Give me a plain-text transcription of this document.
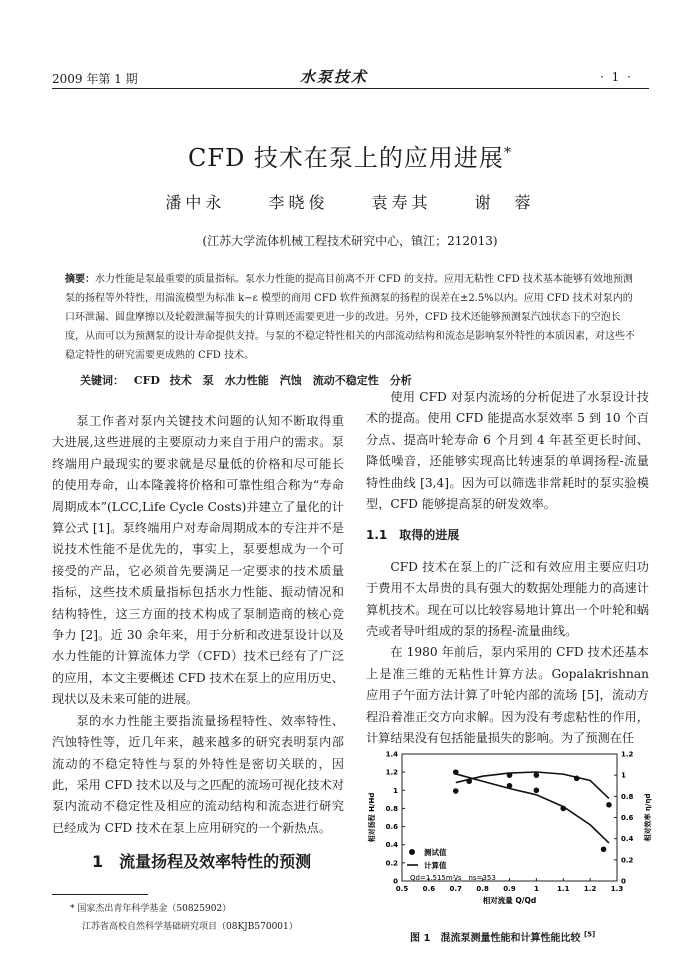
2009 年第 1 期	水泵技术	· 1 ·
CFD 技术在泵上的应用进展*
潘中永	李晓俊	袁寿其	谢　蓉
(江苏大学流体机械工程技术研究中心，镇江；212013)
摘要：水力性能是泵最重要的质量指标。泵水力性能的提高目前离不开 CFD 的支持。应用无粘性 CFD 技术基本能够有效地预测泵的扬程等外特性，用湍流模型为标准 k−ε 模型的商用 CFD 软件预测泵的扬程的误差在±2.5%以内。应用 CFD 技术对泵内的口环泄漏、圆盘摩擦以及轮毂泄漏等损失的计算则还需要更进一步的改进。另外，CFD 技术还能够预测泵汽蚀状态下的空泡长度，从而可以为预测泵的设计寿命提供支持。与泵的不稳定特性相关的内部流动结构和流态是影响泵外特性的本质因素，对这些不稳定特性的研究需要更成熟的 CFD 技术。
关键词： CFD 技术　泵　水力性能　汽蚀　流动不稳定性　分析

泵工作者对泵内关键技术问题的认知不断取得重大进展,这些进展的主要原动力来自于用户的需求。泵终端用户最现实的要求就是尽量低的价格和尽可能长的使用寿命，山本隆義将价格和可靠性组合称为“寿命周期成本”(LCC,Life Cycle Costs)并建立了量化的计算公式 [1]。泵终端用户对寿命周期成本的专注并不是说技术性能不是优先的，事实上，泵要想成为一个可接受的产品，它必须首先要满足一定要求的技术质量指标，这些技术质量指标包括水力性能、振动情况和结构特性，这三方面的技术构成了泵制造商的核心竞争力 [2]。近 30 余年来，用于分析和改进泵设计以及水力性能的计算流体力学（CFD）技术已经有了广泛的应用，本文主要概述 CFD 技术在泵上的应用历史、现状以及未来可能的进展。

泵的水力性能主要指流量扬程特性、效率特性、汽蚀特性等，近几年来，越来越多的研究表明泵内部流动的不稳定特性与泵的外特性是密切关联的，因此，采用 CFD 技术以及与之匹配的流场可视化技术对泵内流动不稳定性及相应的流动结构和流态进行研究已经成为 CFD 技术在泵上应用研究的一个新热点。

1　流量扬程及效率特性的预测
* 国家杰出青年科学基金（50825902）
江苏省高校自然科学基础研究项目（08KJB570001）

使用 CFD 对泵内流场的分析促进了水泵设计技术的提高。使用 CFD 能提高水泵效率 5 到 10 个百分点、提高叶轮寿命 6 个月到 4 年甚至更长时间、降低噪音，还能够实现高比转速泵的单调扬程-流量特性曲线 [3,4]。因为可以筛选非常耗时的泵实验模型，CFD 能够提高泵的研发效率。

1.1　取得的进展

CFD 技术在泵上的广泛和有效应用主要应归功于费用不太昂贵的具有强大的数据处理能力的高速计算机技术。现在可以比较容易地计算出一个叶轮和蜗壳或者导叶组成的泵的扬程-流量曲线。

在 1980 年前后，泵内采用的 CFD 技术还基本上是准三维的无粘性计算方法。Gopalakrishnan 应用子午面方法计算了叶轮内部的流场 [5]，流动方程沿着准正交方向求解。因为没有考虑粘性的作用，计算结果没有包括能量损失的影响。为了预测在任

0.5 0.6 0.7 0.8 0.9	1	1.1 1.2 1.3
0
0.2
0.4
0.6
0.8
1
1.2
1.4
0
0.2
0.4
0.6
0.8
1
1.2
相对流量 Q/Qd
相对扬程 H/Hd	相对效率 η/ηd
测试值
计算值
Qd=1.515m³/s　ns=353
图 1　混流泵测量性能和计算性能比较 [5]
